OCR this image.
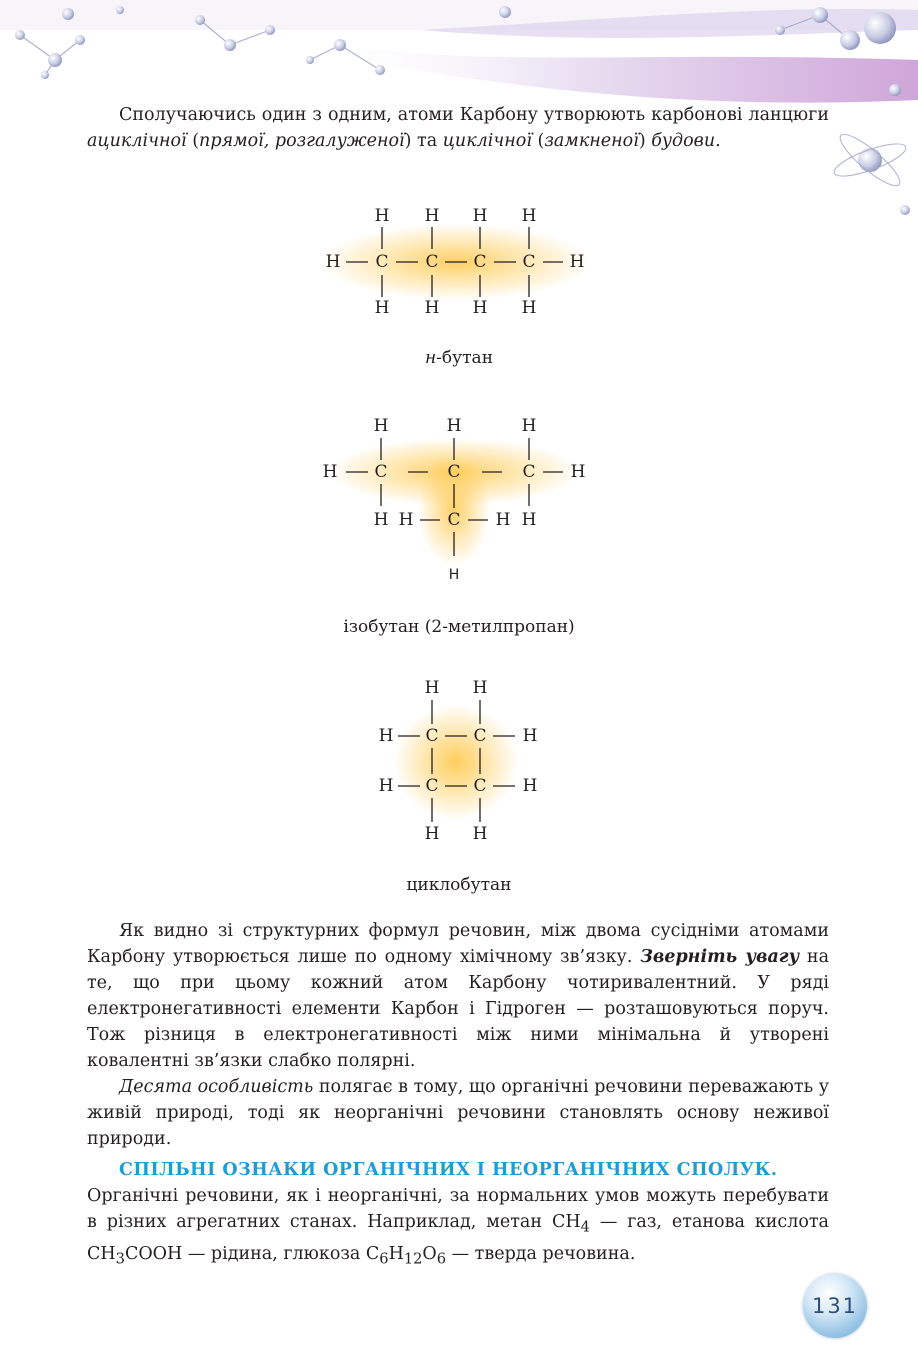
Сполучаючись один з одним, атоми Карбону утворюють карбонові ланцюги ациклічної (прямої, розгалуженої) та циклічної (замкненої) будови.

H H H H
H C C C C H
H H H H
н-бутан
H	H	H
H C	C	C H
H H C H H
H
ізобутан (2-метилпропан)
H H
H C C H
H C C H
H H
циклобутан

Як видно зі структурних формул речовин, між двома сусідніми атомами Карбону утворюється лише по одному хімічному зв’язку. Зверніть увагу на те, що при цьому кожний атом Карбону чотиривалентний. У ряді електронегативності елементи Карбон і Гідроген — розташовуються поруч. Тож різниця в електронегативності між ними мінімальна й утворені ковалентні зв’язки слабко полярні.

Десята особливість полягає в тому, що органічні речовини переважають у живій природі, тоді як неорганічні речовини становлять основу неживої природи.

СПІЛЬНІ ОЗНАКИ ОРГАНІЧНИХ І НЕОРГАНІЧНИХ СПОЛУК.

Органічні речовини, як і неорганічні, за нормальних умов можуть перебувати в різних агрегатних станах. Наприклад, метан $CH_4$ — газ, етанова кислота $CH_3COOH$ — рідина, глюкоза $C_6H_{12}O_6$ — тверда речовина.

131
